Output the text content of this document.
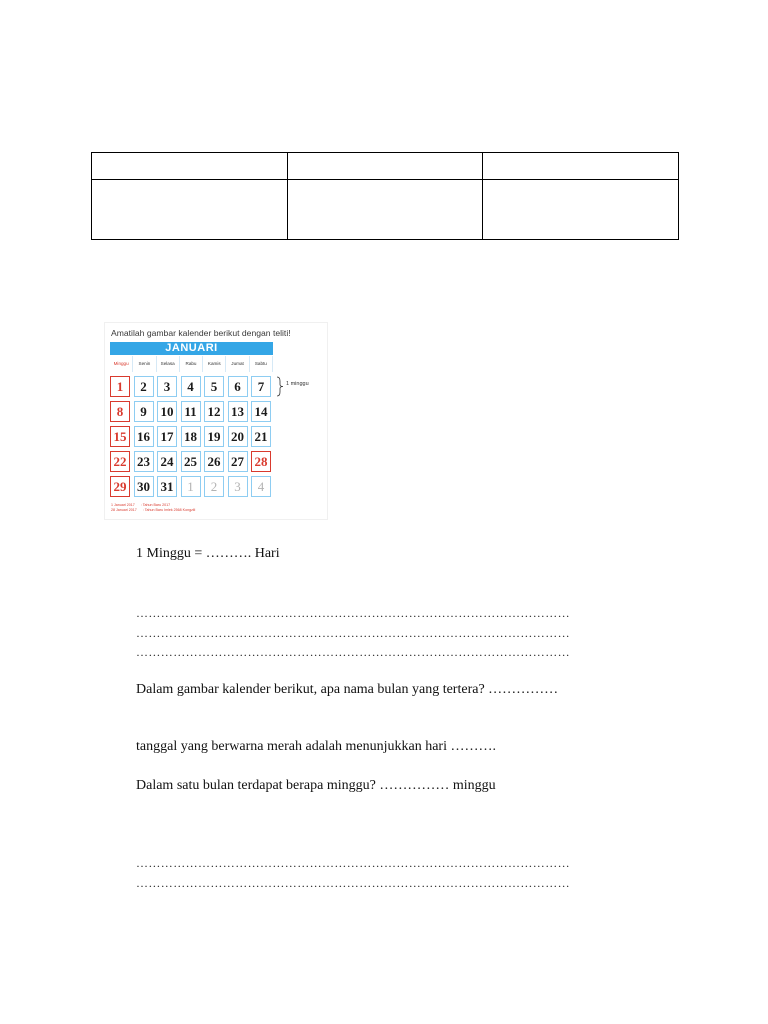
Amatilah gambar kalender berikut dengan teliti!
JANUARI
Minggu	Senin	Selasa	Rabu	Kamis	Jumat	Sabtu
1	2	3	4	5	6	7
8	9	10 11 12 13 14
15 16 17 18 19 20 21
22 23 24 25 26 27 28
29 30 31	1	2	3	4
1 minggu
1 Januari 2017 : Tahun Baru 2017
28 Januari 2017 : Tahun Baru Imlek 2568 Kongzili
1 Minggu = ………. Hari
……………………………………………………………………………………………
……………………………………………………………………………………………
……………………………………………………………………………………………
Dalam gambar kalender berikut, apa nama bulan yang tertera? ……………
tanggal yang berwarna merah adalah menunjukkan hari ……….
Dalam satu bulan terdapat berapa minggu? …………… minggu
……………………………………………………………………………………………
……………………………………………………………………………………………
